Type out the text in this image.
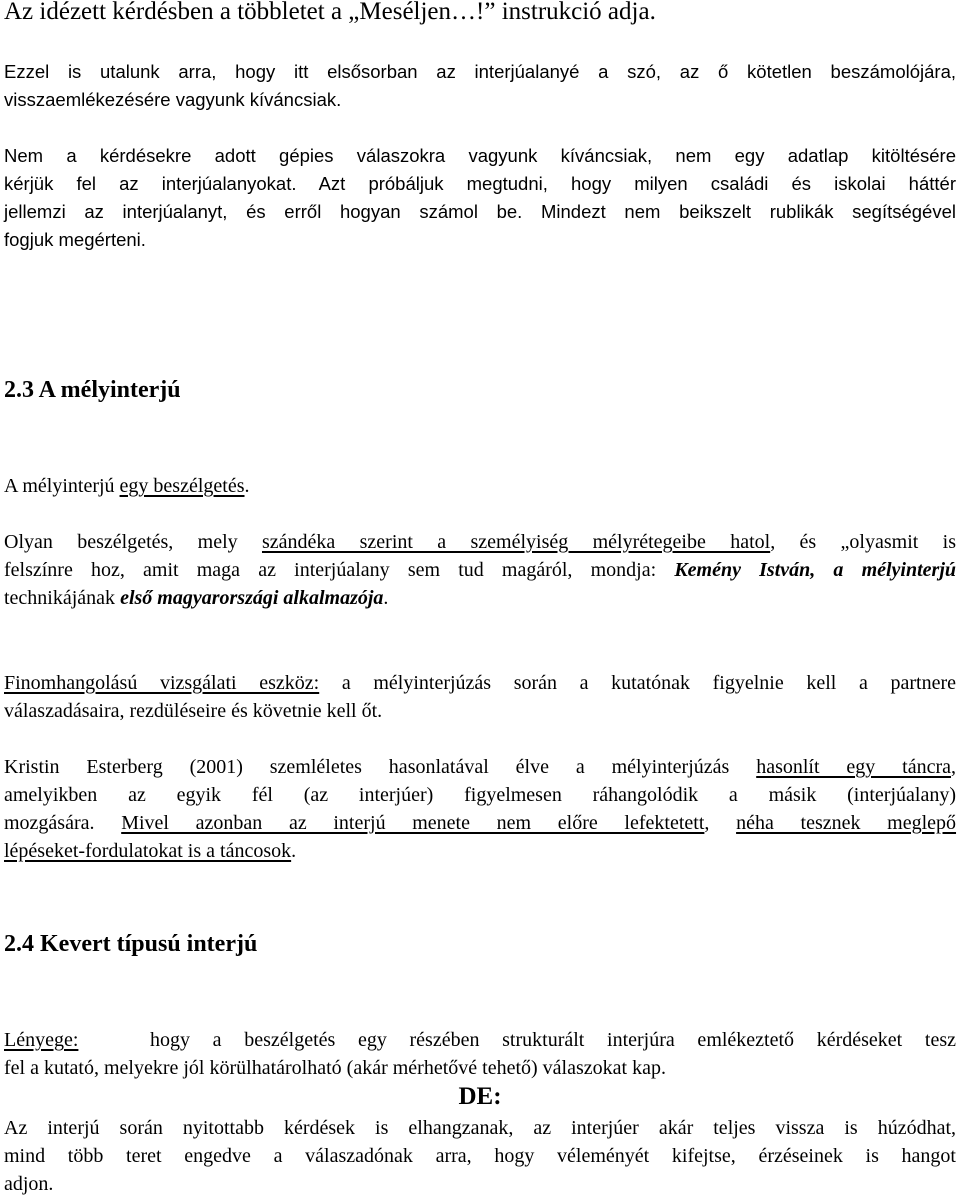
Az idézett kérdésben a többletet a „Meséljen…!” instrukció adja.
Ezzel is utalunk arra, hogy itt elsősorban az interjúalanyé a szó, az ő kötetlen beszámolójára,
visszaemlékezésére vagyunk kíváncsiak.
Nem a kérdésekre adott gépies válaszokra vagyunk kíváncsiak, nem egy adatlap kitöltésére
kérjük fel az interjúalanyokat. Azt próbáljuk megtudni, hogy milyen családi és iskolai háttér
jellemzi az interjúalanyt, és erről hogyan számol be. Mindezt nem beikszelt rublikák segítségével
fogjuk megérteni.
2.3 A mélyinterjú
A mélyinterjú egy beszélgetés.
Olyan beszélgetés, mely szándéka szerint a személyiség mélyrétegeibe hatol, és „olyasmit is
felszínre hoz, amit maga az interjúalany sem tud magáról, mondja: Kemény István, a mélyinterjú
technikájának első magyarországi alkalmazója.
Finomhangolású vizsgálati eszköz: a mélyinterjúzás során a kutatónak figyelnie kell a partnere
válaszadásaira, rezdüléseire és követnie kell őt.
Kristin Esterberg (2001) szemléletes hasonlatával élve a mélyinterjúzás hasonlít egy táncra,
amelyikben az egyik fél (az interjúer) figyelmesen ráhangolódik a másik (interjúalany)
mozgására. Mivel azonban az interjú menete nem előre lefektetett, néha tesznek meglepő
lépéseket-fordulatokat is a táncosok.
2.4 Kevert típusú interjú
Lényege:	hogy a beszélgetés egy részében strukturált interjúra emlékeztető kérdéseket tesz
fel a kutató, melyekre jól körülhatárolható (akár mérhetővé tehető) válaszokat kap.
DE:
Az interjú során nyitottabb kérdések is elhangzanak, az interjúer akár teljes vissza is húzódhat,
mind több teret engedve a válaszadónak arra, hogy véleményét kifejtse, érzéseinek is hangot
adjon.
